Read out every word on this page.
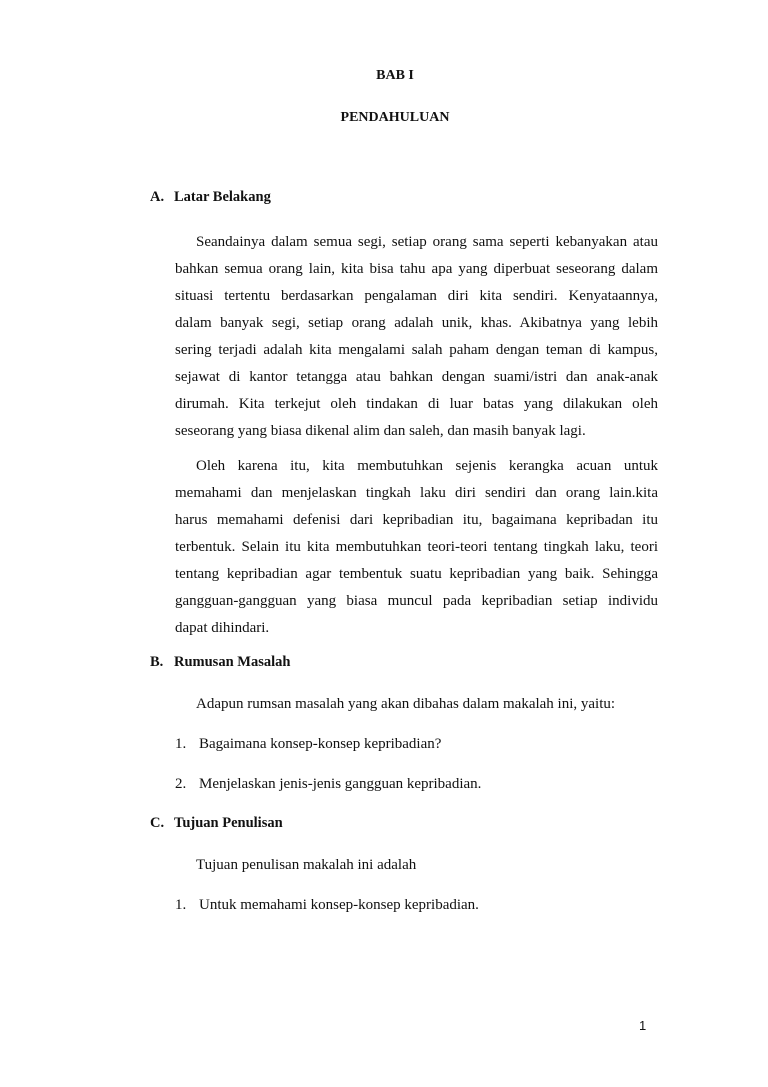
BAB I
PENDAHULUAN
A. Latar Belakang
Seandainya dalam semua segi, setiap orang sama seperti kebanyakan atau
bahkan semua orang lain, kita bisa tahu apa yang diperbuat seseorang dalam
situasi tertentu berdasarkan pengalaman diri kita sendiri. Kenyataannya,
dalam banyak segi, setiap orang adalah unik, khas. Akibatnya yang lebih
sering terjadi adalah kita mengalami salah paham dengan teman di kampus,
sejawat di kantor tetangga atau bahkan dengan suami/istri dan anak-anak
dirumah. Kita terkejut oleh tindakan di luar batas yang dilakukan oleh
seseorang yang biasa dikenal alim dan saleh, dan masih banyak lagi.
Oleh karena itu, kita membutuhkan sejenis kerangka acuan untuk
memahami dan menjelaskan tingkah laku diri sendiri dan orang lain.kita
harus memahami defenisi dari kepribadian itu, bagaimana kepribadan itu
terbentuk. Selain itu kita membutuhkan teori-teori tentang tingkah laku, teori
tentang kepribadian agar tembentuk suatu kepribadian yang baik. Sehingga
gangguan-gangguan yang biasa muncul pada kepribadian setiap individu
dapat dihindari.
B. Rumusan Masalah
Adapun rumsan masalah yang akan dibahas dalam makalah ini, yaitu:
1. Bagaimana konsep-konsep kepribadian?
2. Menjelaskan jenis-jenis gangguan kepribadian.
C. Tujuan Penulisan
Tujuan penulisan makalah ini adalah
1. Untuk memahami konsep-konsep kepribadian.
1
